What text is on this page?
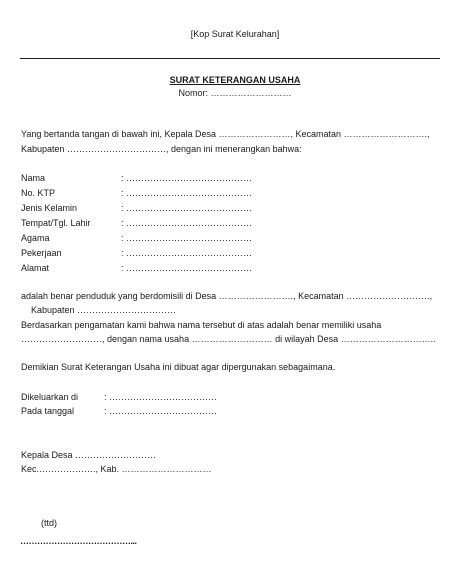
[Kop Surat Kelurahan]
SURAT KETERANGAN USAHA
Nomor: ………………………
Yang bertanda tangan di bawah ini, Kepala Desa ……………………, Kecamatan ……………………….,
Kabupaten ……………………………, dengan ini menerangkan bahwa:
Nama	: ……………………………………
No. KTP	: ……………………………………
Jenis Kelamin	: ……………………………………
Tempat/Tgl. Lahir	: ……………………………………
Agama	: ……………………………………
Pekerjaan	: ……………………………………
Alamat	: ……………………………………
adalah benar penduduk yang berdomisili di Desa ……………………., Kecamatan ……………………….,
Kabupaten ……………………………
Berdasarkan pengamatan kami bahwa nama tersebut di atas adalah benar memiliki usaha
………………………, dengan nama usaha ……………………… di wilayah Desa …………………………..
Demikian Surat Keterangan Usaha ini dibuat agar dipergunakan sebagaimana.
Dikeluarkan di	: ………………………………
Pada tanggal	: ………………………………
Kepala Desa ………………………
Kec.………………., Kab. …………………………
(ttd)
…………………………………...
